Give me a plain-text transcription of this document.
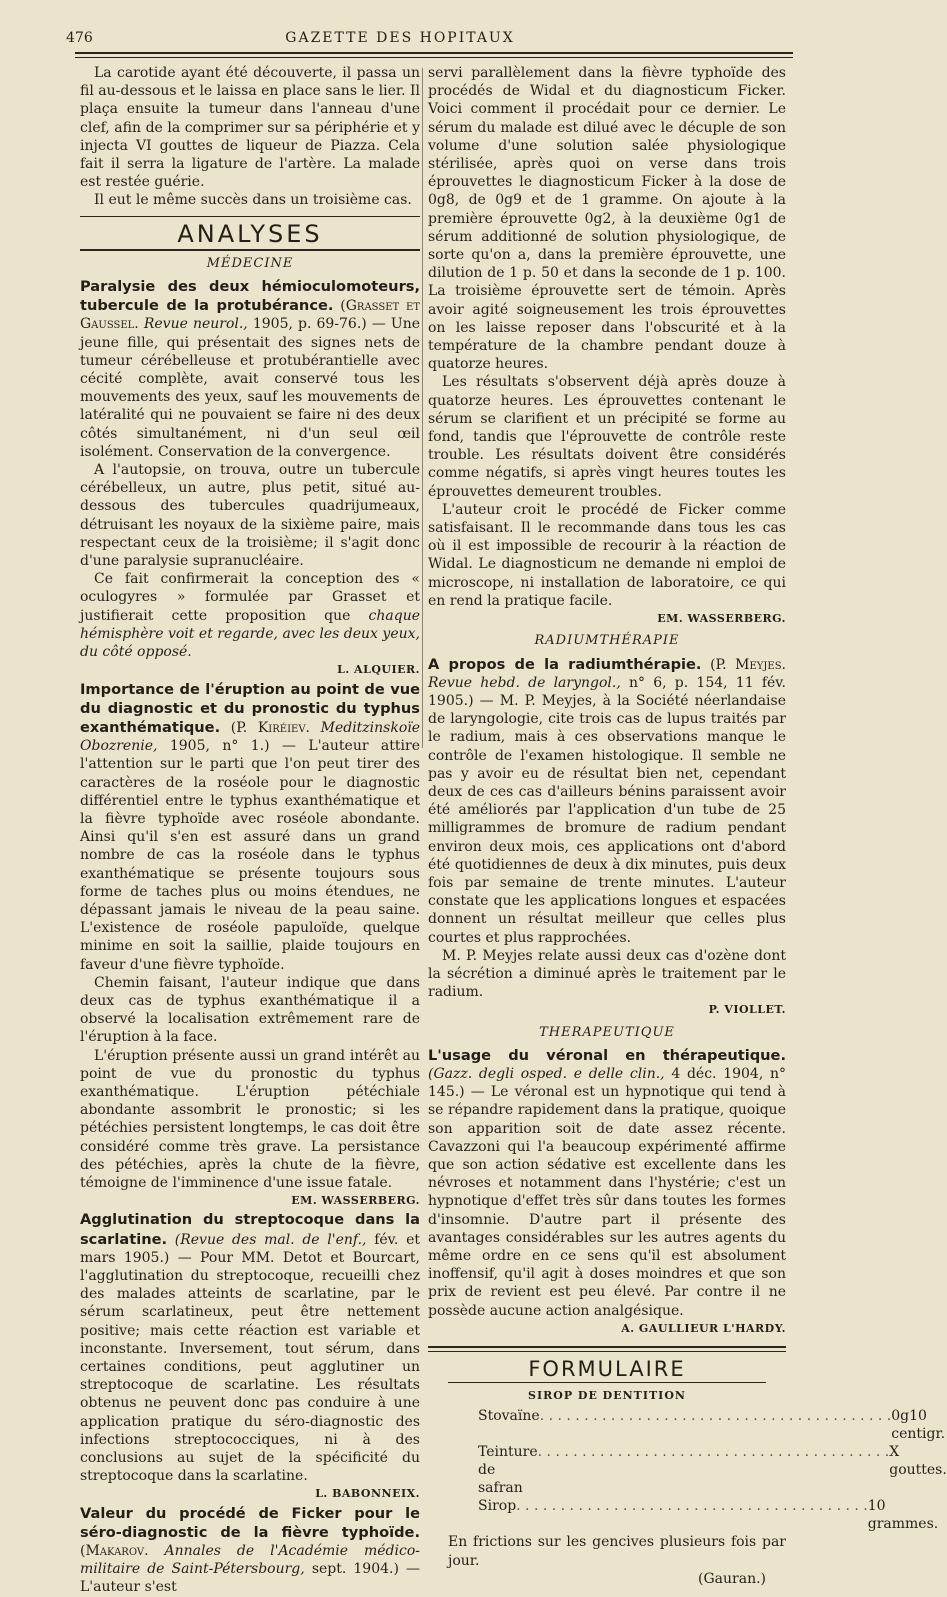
476	GAZETTE DES HOPITAUX

La carotide ayant été découverte, il passa un fil au-dessous et le laissa en place sans le lier. Il plaça ensuite la tumeur dans l'anneau d'une clef, afin de la comprimer sur sa périphérie et y injecta VI gouttes de liqueur de Piazza. Cela fait il serra la ligature de l'artère. La malade est restée guérie.

Il eut le même succès dans un troisième cas.

ANALYSES
MÉDECINE

Paralysie des deux hémioculomoteurs, tubercule de la protubérance. (Grasset et Gaussel. Revue neurol., 1905, p. 69-76.) — Une jeune fille, qui présentait des signes nets de tumeur cérébelleuse et protubérantielle avec cécité complète, avait conservé tous les mouvements des yeux, sauf les mouvements de latéralité qui ne pouvaient se faire ni des deux côtés simultanément, ni d'un seul œil isolément. Conservation de la convergence.

A l'autopsie, on trouva, outre un tubercule cérébelleux, un autre, plus petit, situé au-dessous des tubercules quadrijumeaux, détruisant les noyaux de la sixième paire, mais respectant ceux de la troisième; il s'agit donc d'une paralysie supranucléaire.

Ce fait confirmerait la conception des « oculogyres » formulée par Grasset et justifierait cette proposition que chaque hémisphère voit et regarde, avec les deux yeux, du côté opposé.

L. ALQUIER.

Importance de l'éruption au point de vue du diagnostic et du pronostic du typhus exanthématique. (P. Kiréiev. Meditzinskoïe Obozrenie, 1905, n° 1.) — L'auteur attire l'attention sur le parti que l'on peut tirer des caractères de la roséole pour le diagnostic différentiel entre le typhus exanthématique et la fièvre typhoïde avec roséole abondante. Ainsi qu'il s'en est assuré dans un grand nombre de cas la roséole dans le typhus exanthématique se présente toujours sous forme de taches plus ou moins étendues, ne dépassant jamais le niveau de la peau saine. L'existence de roséole papuloïde, quelque minime en soit la saillie, plaide toujours en faveur d'une fièvre typhoïde.

Chemin faisant, l'auteur indique que dans deux cas de typhus exanthématique il a observé la localisation extrêmement rare de l'éruption à la face.

L'éruption présente aussi un grand intérêt au point de vue du pronostic du typhus exanthématique. L'éruption pétéchiale abondante assombrit le pronostic; si les pétéchies persistent longtemps, le cas doit être considéré comme très grave. La persistance des pétéchies, après la chute de la fièvre, témoigne de l'imminence d'une issue fatale.

EM. WASSERBERG.

Agglutination du streptocoque dans la scarlatine. (Revue des mal. de l'enf., fév. et mars 1905.) — Pour MM. Detot et Bourcart, l'agglutination du streptocoque, recueilli chez des malades atteints de scarlatine, par le sérum scarlatineux, peut être nettement positive; mais cette réaction est variable et inconstante. Inversement, tout sérum, dans certaines conditions, peut agglutiner un streptocoque de scarlatine. Les résultats obtenus ne peuvent donc pas conduire à une application pratique du séro-diagnostic des infections streptococciques, ni à des conclusions au sujet de la spécificité du streptocoque dans la scarlatine.

L. BABONNEIX.

Valeur du procédé de Ficker pour le séro-diagnostic de la fièvre typhoïde. (Makarov. Annales de l'Académie médico-militaire de Saint-Pétersbourg, sept. 1904.) — L'auteur s'est

servi parallèlement dans la fièvre typhoïde des procédés de Widal et du diagnosticum Ficker. Voici comment il procédait pour ce dernier. Le sérum du malade est dilué avec le décuple de son volume d'une solution salée physiologique stérilisée, après quoi on verse dans trois éprouvettes le diagnosticum Ficker à la dose de 0g8, de 0g9 et de 1 gramme. On ajoute à la première éprouvette 0g2, à la deuxième 0g1 de sérum additionné de solution physiologique, de sorte qu'on a, dans la première éprouvette, une dilution de 1 p. 50 et dans la seconde de 1 p. 100. La troisième éprouvette sert de témoin. Après avoir agité soigneusement les trois éprouvettes on les laisse reposer dans l'obscurité et à la température de la chambre pendant douze à quatorze heures.

Les résultats s'observent déjà après douze à quatorze heures. Les éprouvettes contenant le sérum se clarifient et un précipité se forme au fond, tandis que l'éprouvette de contrôle reste trouble. Les résultats doivent être considérés comme négatifs, si après vingt heures toutes les éprouvettes demeurent troubles.

L'auteur croit le procédé de Ficker comme satisfaisant. Il le recommande dans tous les cas où il est impossible de recourir à la réaction de Widal. Le diagnosticum ne demande ni emploi de microscope, ni installation de laboratoire, ce qui en rend la pratique facile.

EM. WASSERBERG.
RADIUMTHÉRAPIE

A propos de la radiumthérapie. (P. Meyjes. Revue hebd. de laryngol., n° 6, p. 154, 11 fév. 1905.) — M. P. Meyjes, à la Société néerlandaise de laryngologie, cite trois cas de lupus traités par le radium, mais à ces observations manque le contrôle de l'examen histologique. Il semble ne pas y avoir eu de résultat bien net, cependant deux de ces cas d'ailleurs bénins paraissent avoir été améliorés par l'application d'un tube de 25 milligrammes de bromure de radium pendant environ deux mois, ces applications ont d'abord été quotidiennes de deux à dix minutes, puis deux fois par semaine de trente minutes. L'auteur constate que les applications longues et espacées donnent un résultat meilleur que celles plus courtes et plus rapprochées.

M. P. Meyjes relate aussi deux cas d'ozène dont la sécrétion a diminué après le traitement par le radium.

P. VIOLLET.
THERAPEUTIQUE

L'usage du véronal en thérapeutique. (Gazz. degli osped. e delle clin., 4 déc. 1904, n° 145.) — Le véronal est un hypnotique qui tend à se répandre rapidement dans la pratique, quoique son apparition soit de date assez récente. Cavazzoni qui l'a beaucoup expérimenté affirme que son action sédative est excellente dans les névroses et notamment dans l'hystérie; c'est un hypnotique d'effet très sûr dans toutes les formes d'insomnie. D'autre part il présente des avantages considérables sur les autres agents du même ordre en ce sens qu'il est absolument inoffensif, qu'il agit à doses moindres et que son prix de revient est peu élevé. Par contre il ne possède aucune action analgésique.

A. GAULLIEUR L'HARDY.
FORMULAIRE
SIROP DE DENTITION
Stovaïne . . . . . . . . . . . . . . . . . . . . . . . . . . . . . . . . . . . . . . . . 0g10 centigr.
Teinture de safran
. . . . . . . . . . . . . . . . . . . . . . . . . . . . . . . . . . . . . . . . X gouttes.
Sirop . . . . . . . . . . . . . . . . . . . . . . . . . . . . . . . . . . . . . . . . 10 grammes.

En frictions sur les gencives plusieurs fois par jour.

(Gauran.)
